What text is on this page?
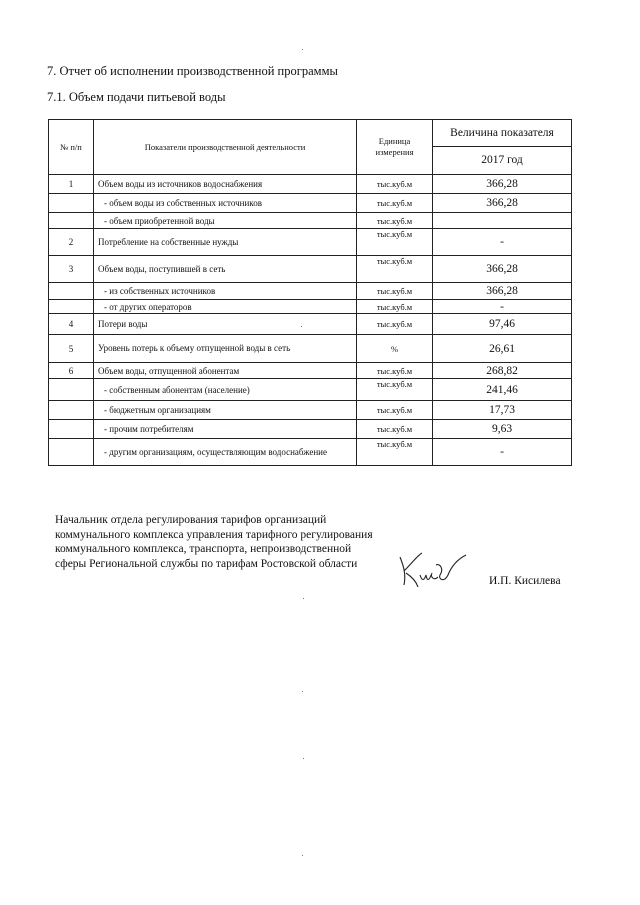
7. Отчет об исполнении производственной программы
7.1. Объем подачи питьевой воды
№ п/п	Показатели производственной деятельности	Единица измерения	Величина показателя
			2017 год
1	Объем воды из источников водоснабжения	тыс.куб.м	366,28
	- объем воды из собственных источников	тыс.куб.м	366,28
	- объем приобретенной воды	тыс.куб.м	
2	Потребление на собственные нужды	тыс.куб.м	-
3	Объем воды, поступившей в сеть	тыс.куб.м	366,28
	- из собственных источников	тыс.куб.м	366,28
	- от других операторов	тыс.куб.м	-
4	Потери воды	тыс.куб.м	97,46
5	Уровень потерь к объему отпущенной воды в сеть	%	26,61
6	Объем воды, отпущенной абонентам	тыс.куб.м	268,82
	- собственным абонентам (население)	тыс.куб.м	241,46
	- бюджетным организациям	тыс.куб.м	17,73
	- прочим потребителям	тыс.куб.м	9,63
	- другим организациям, осуществляющим водоснабжение	тыс.куб.м	-
Начальник отдела регулирования тарифов организаций коммунального комплекса управления тарифного регулирования коммунального комплекса, транспорта, непроизводственной сферы Региональной службы по тарифам Ростовской области
И.П. Кисилева
